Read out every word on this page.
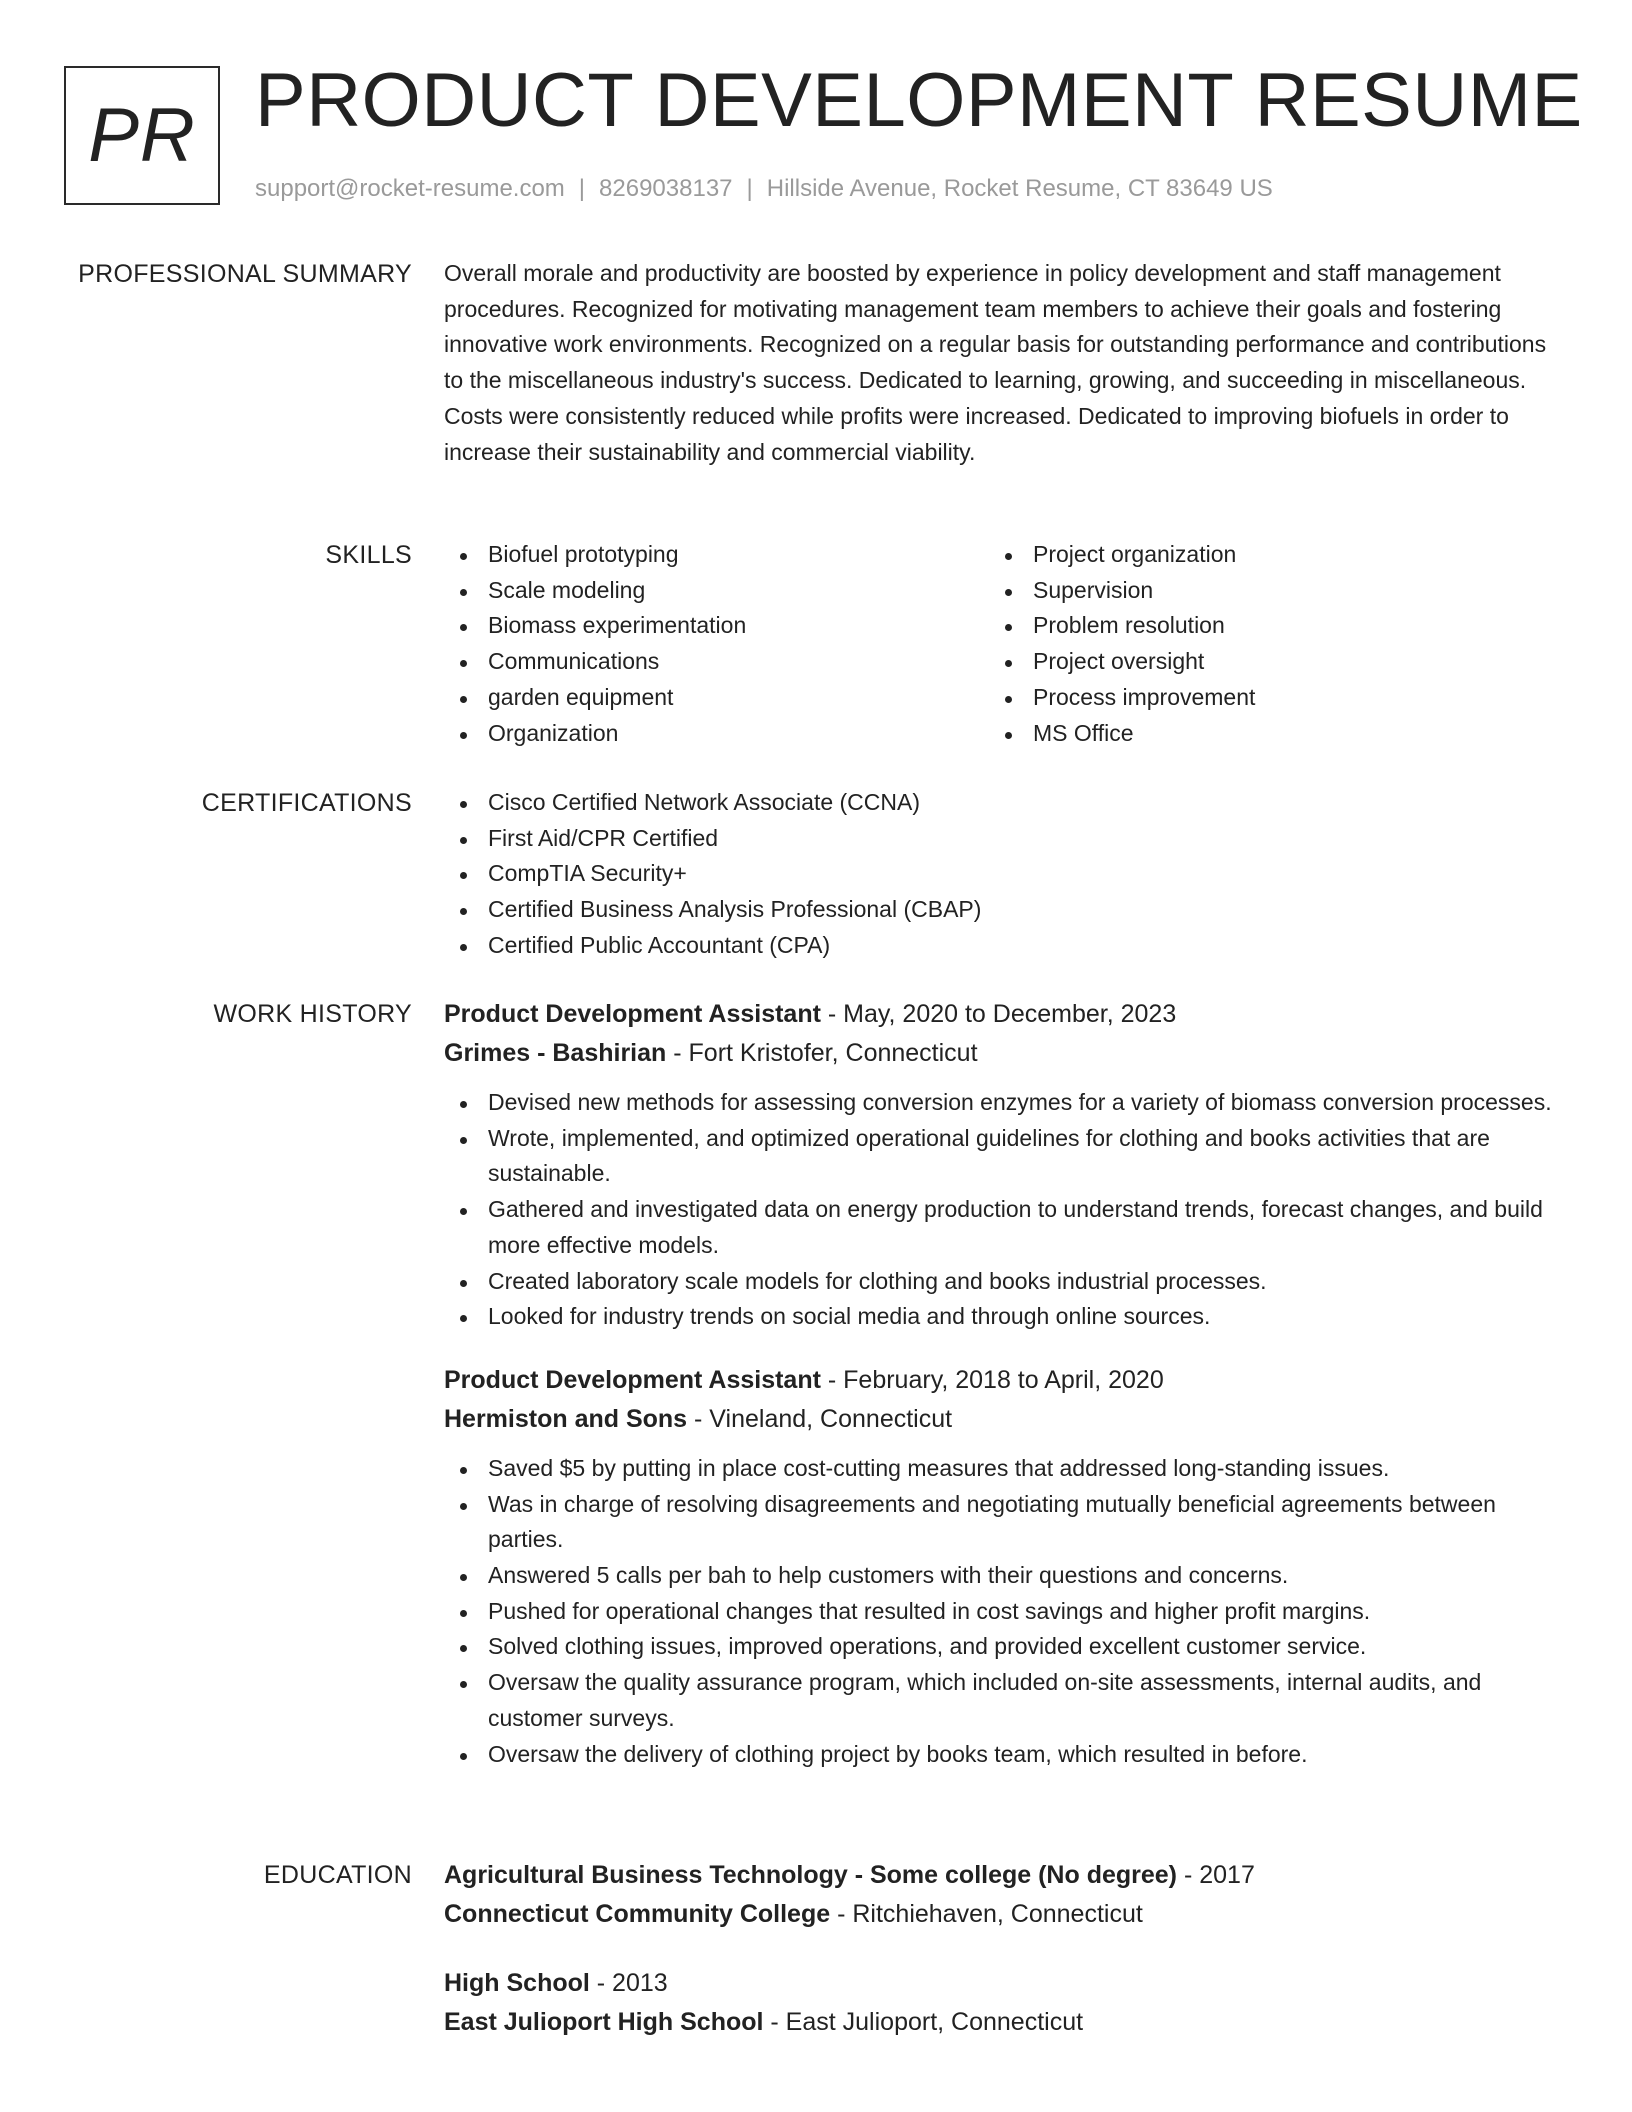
PR PRODUCT DEVELOPMENT RESUME
support@rocket-resume.com | 8269038137 | Hillside Avenue, Rocket Resume, CT 83649 US
PROFESSIONAL SUMMARY Overall morale and productivity are boosted by experience in policy development and staff management procedures. Recognized for motivating management team members to achieve their goals and fostering innovative work environments. Recognized on a regular basis for outstanding performance and contributions to the miscellaneous industry's success. Dedicated to learning, growing, and succeeding in miscellaneous. Costs were consistently reduced while profits were increased. Dedicated to improving biofuels in order to increase their sustainability and commercial viability.

SKILLS	Biofuel prototyping
Scale modeling
Biomass experimentation
Communications
garden equipment
Organization
Project organization
Supervision
Problem resolution
Project oversight
Process improvement
MS Office
CERTIFICATIONS	Cisco Certified Network Associate (CCNA)
First Aid/CPR Certified
CompTIA Security+
Certified Business Analysis Professional (CBAP)
Certified Public Accountant (CPA)
WORK HISTORY Product Development Assistant - May, 2020 to December, 2023
Grimes - Bashirian - Fort Kristofer, Connecticut
Devised new methods for assessing conversion enzymes for a variety of biomass conversion processes.
Wrote, implemented, and optimized operational guidelines for clothing and books activities that are sustainable.
Gathered and investigated data on energy production to understand trends, forecast changes, and build more effective models.
Created laboratory scale models for clothing and books industrial processes.
Looked for industry trends on social media and through online sources.
Product Development Assistant - February, 2018 to April, 2020
Hermiston and Sons - Vineland, Connecticut
Saved $5 by putting in place cost-cutting measures that addressed long-standing issues.
Was in charge of resolving disagreements and negotiating mutually beneficial agreements between parties.
Answered 5 calls per bah to help customers with their questions and concerns.
Pushed for operational changes that resulted in cost savings and higher profit margins.
Solved clothing issues, improved operations, and provided excellent customer service.
Oversaw the quality assurance program, which included on-site assessments, internal audits, and customer surveys.
Oversaw the delivery of clothing project by books team, which resulted in before.
EDUCATION Agricultural Business Technology - Some college (No degree) - 2017
Connecticut Community College - Ritchiehaven, Connecticut
High School - 2013
East Julioport High School - East Julioport, Connecticut
